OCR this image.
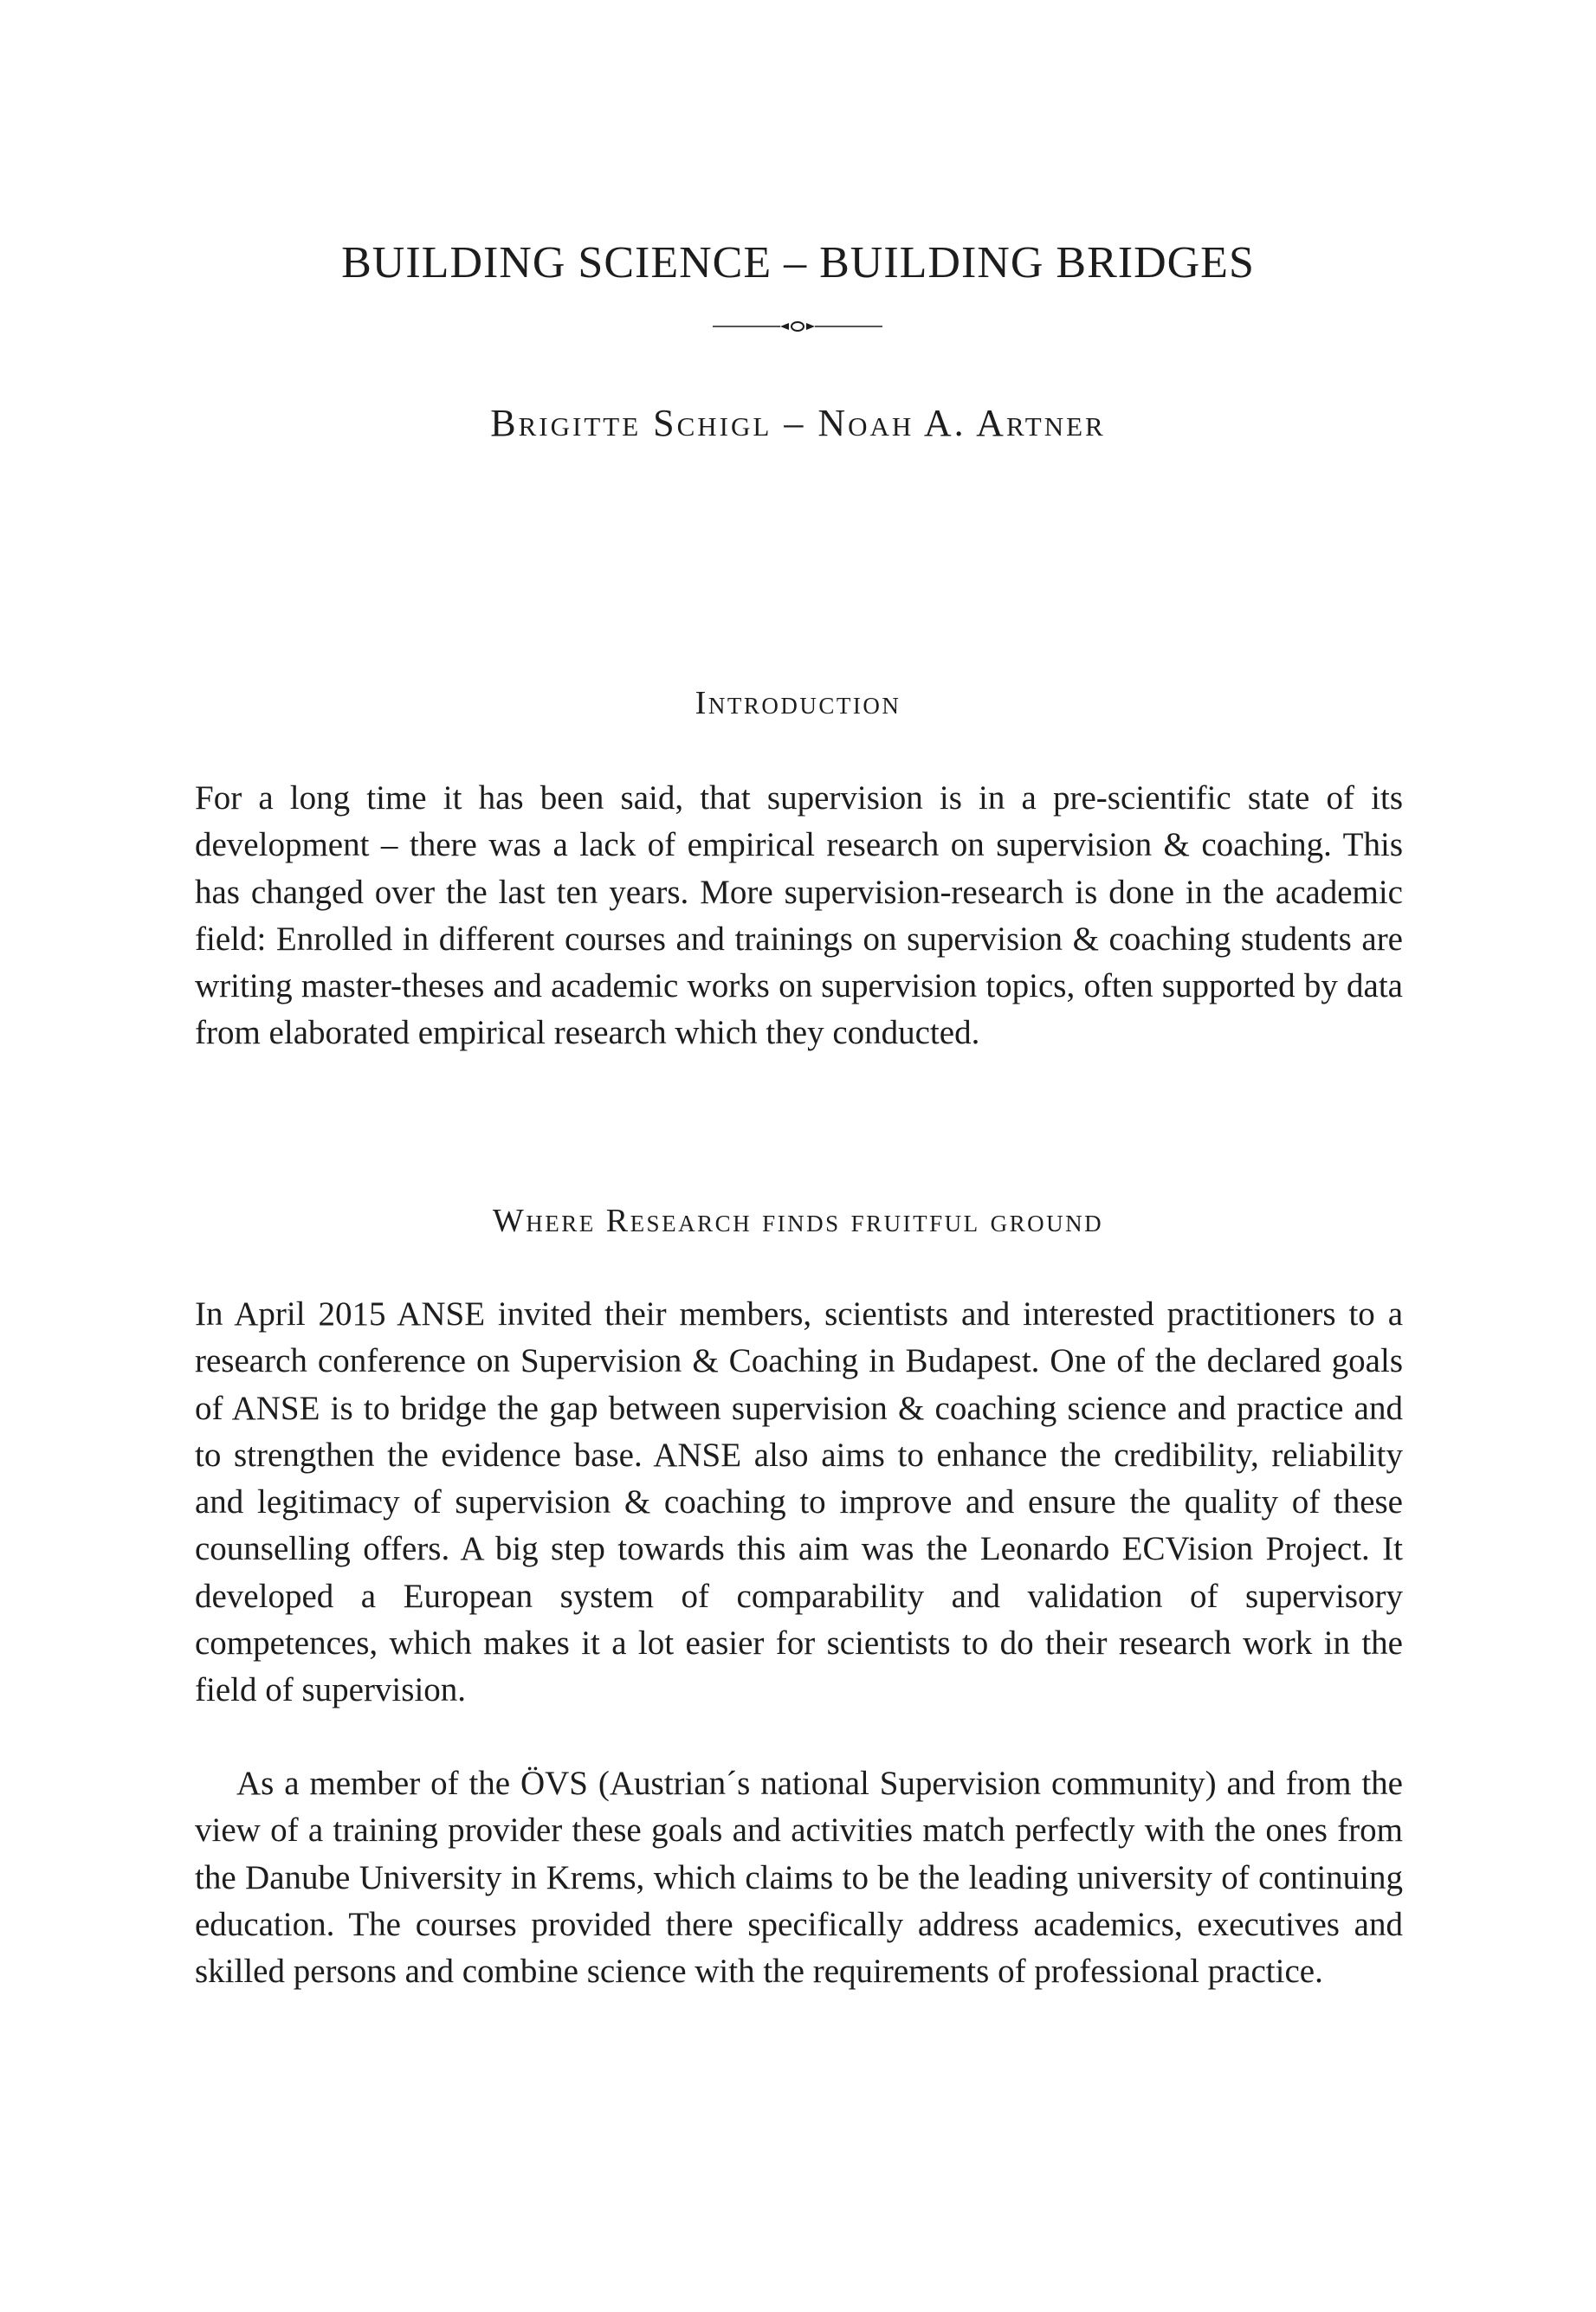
BUILDING SCIENCE – BUILDING BRIDGES
Brigitte Schigl – Noah A. Artner
Introduction

For a long time it has been said, that supervision is in a pre-scientific state of its development – there was a lack of empirical research on supervision & coaching. This has changed over the last ten years. More supervision-research is done in the academic field: Enrolled in different courses and trainings on supervision & coaching students are writing master-theses and academic works on supervision topics, often supported by data from elaborated empirical research which they conducted.

Where Research finds fruitful ground

In April 2015 ANSE invited their members, scientists and interested practitioners to a research conference on Supervision & Coaching in Budapest. One of the declared goals of ANSE is to bridge the gap between supervision & coaching science and practice and to strengthen the evidence base. ANSE also aims to enhance the credibility, reliability and legitimacy of supervision & coaching to improve and ensure the quality of these counselling offers. A big step towards this aim was the Leonardo ECVision Project. It developed a European system of comparability and validation of supervisory competences, which makes it a lot easier for scientists to do their research work in the field of supervision.

As a member of the ÖVS (Austrian´s national Supervision community) and from the view of a training provider these goals and activities match perfectly with the ones from the Danube University in Krems, which claims to be the leading university of continuing education. The courses provided there specifically address academics, executives and skilled persons and combine science with the requirements of professional practice.
